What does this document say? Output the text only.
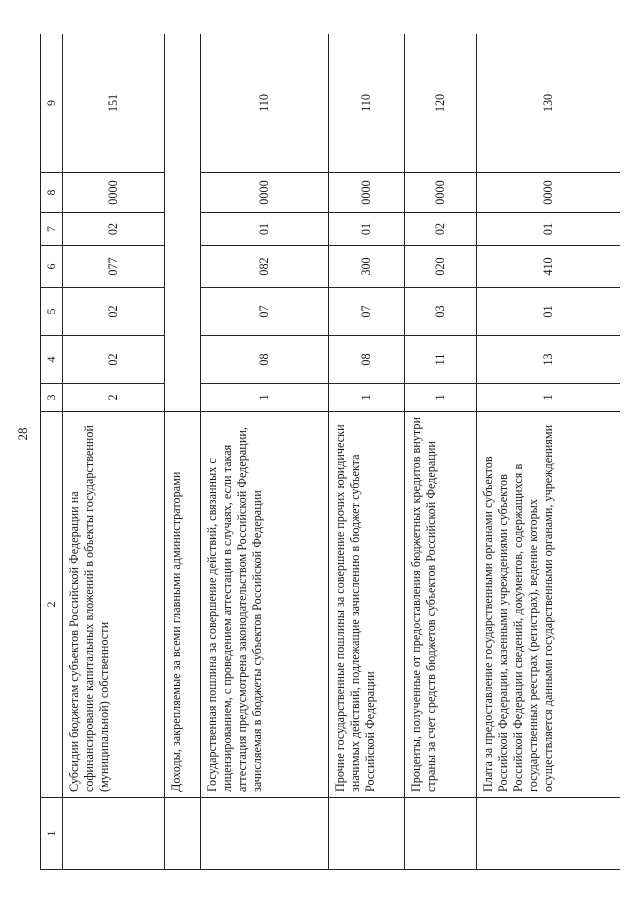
28
1	2	3	4	5	6	7	8	9
	Субсидии бюджетам субъектов Российской Федерации на софинансирование капитальных вложений в объекты государственной (муниципальной) собственности	2	02	02	077	02	0000	151
	Доходы, закрепляемые за всеми главными администраторами							
	Государственная пошлина за совершение действий, связанных с лицензированием, с проведением аттестации в случаях, если такая аттестация предусмотрена законодательством Российской Федерации, зачисляемая в бюджеты субъектов Российской Федерации	1	08	07	082	01	0000	110
	Прочие государственные пошлины за совершение прочих юридически значимых действий, подлежащие зачислению в бюджет субъекта Российской Федерации	1	08	07	300	01	0000	110
	Проценты, полученные от предоставления бюджетных кредитов внутри страны за счет средств бюджетов субъектов Российской Федерации	1	11	03	020	02	0000	120
	Плата за предоставление государственными органами субъектов Российской Федерации, казенными учреждениями субъектов Российской Федерации сведений, документов, содержащихся в государственных реестрах (регистрах), ведение которых осуществляется данными государственными органами, учреждениями	1	13	01	410	01	0000	130
